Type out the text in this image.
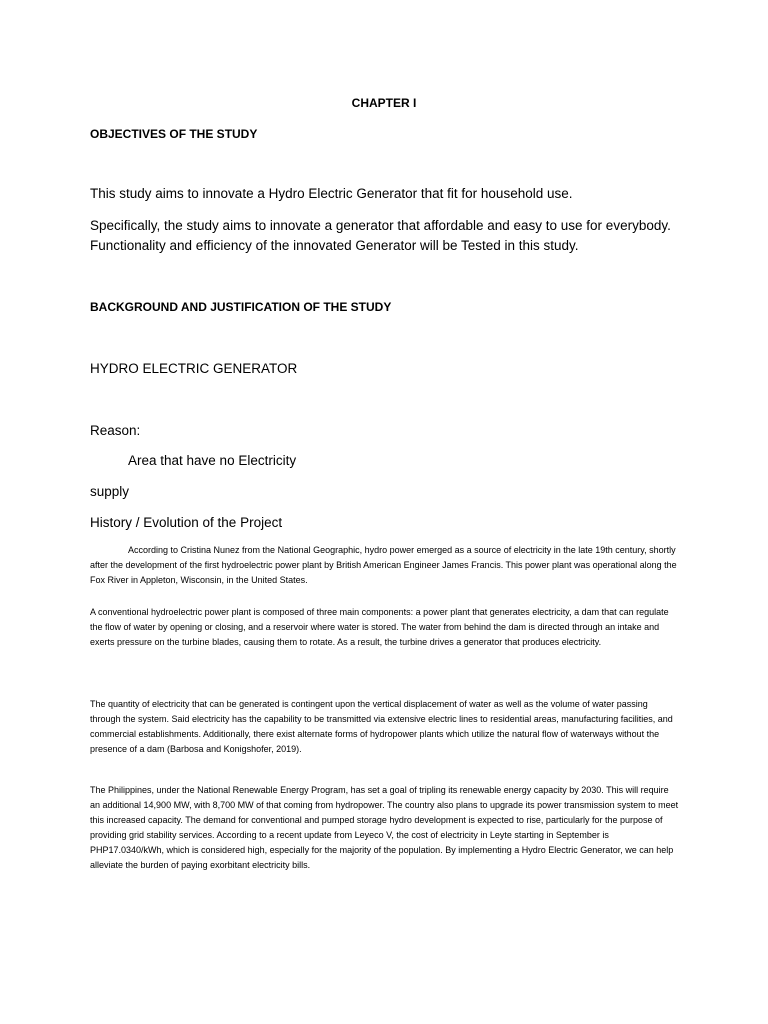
CHAPTER I

OBJECTIVES OF THE STUDY

This study aims to innovate a Hydro Electric Generator that fit for household use.

Specifically, the study aims to innovate a generator that affordable and easy to use for everybody. Functionality and efficiency of the innovated Generator will be Tested in this study.

BACKGROUND AND JUSTIFICATION OF THE STUDY

HYDRO ELECTRIC GENERATOR

Reason:

Area that have no Electricity

supply

History / Evolution of the Project

According to Cristina Nunez from the National Geographic, hydro power emerged as a source of electricity in the late 19th century, shortly after the development of the first hydroelectric power plant by British American Engineer James Francis. This power plant was operational along the Fox River in Appleton, Wisconsin, in the United States.

A conventional hydroelectric power plant is composed of three main components: a power plant that generates electricity, a dam that can regulate the flow of water by opening or closing, and a reservoir where water is stored. The water from behind the dam is directed through an intake and exerts pressure on the turbine blades, causing them to rotate. As a result, the turbine drives a generator that produces electricity.

The quantity of electricity that can be generated is contingent upon the vertical displacement of water as well as the volume of water passing through the system. Said electricity has the capability to be transmitted via extensive electric lines to residential areas, manufacturing facilities, and commercial establishments. Additionally, there exist alternate forms of hydropower plants which utilize the natural flow of waterways without the presence of a dam (Barbosa and Konigshofer, 2019).

The Philippines, under the National Renewable Energy Program, has set a goal of tripling its renewable energy capacity by 2030. This will require an additional 14,900 MW, with 8,700 MW of that coming from hydropower. The country also plans to upgrade its power transmission system to meet this increased capacity. The demand for conventional and pumped storage hydro development is expected to rise, particularly for the purpose of providing grid stability services. According to a recent update from Leyeco V, the cost of electricity in Leyte starting in September is PHP17.0340/kWh, which is considered high, especially for the majority of the population. By implementing a Hydro Electric Generator, we can help alleviate the burden of paying exorbitant electricity bills.
